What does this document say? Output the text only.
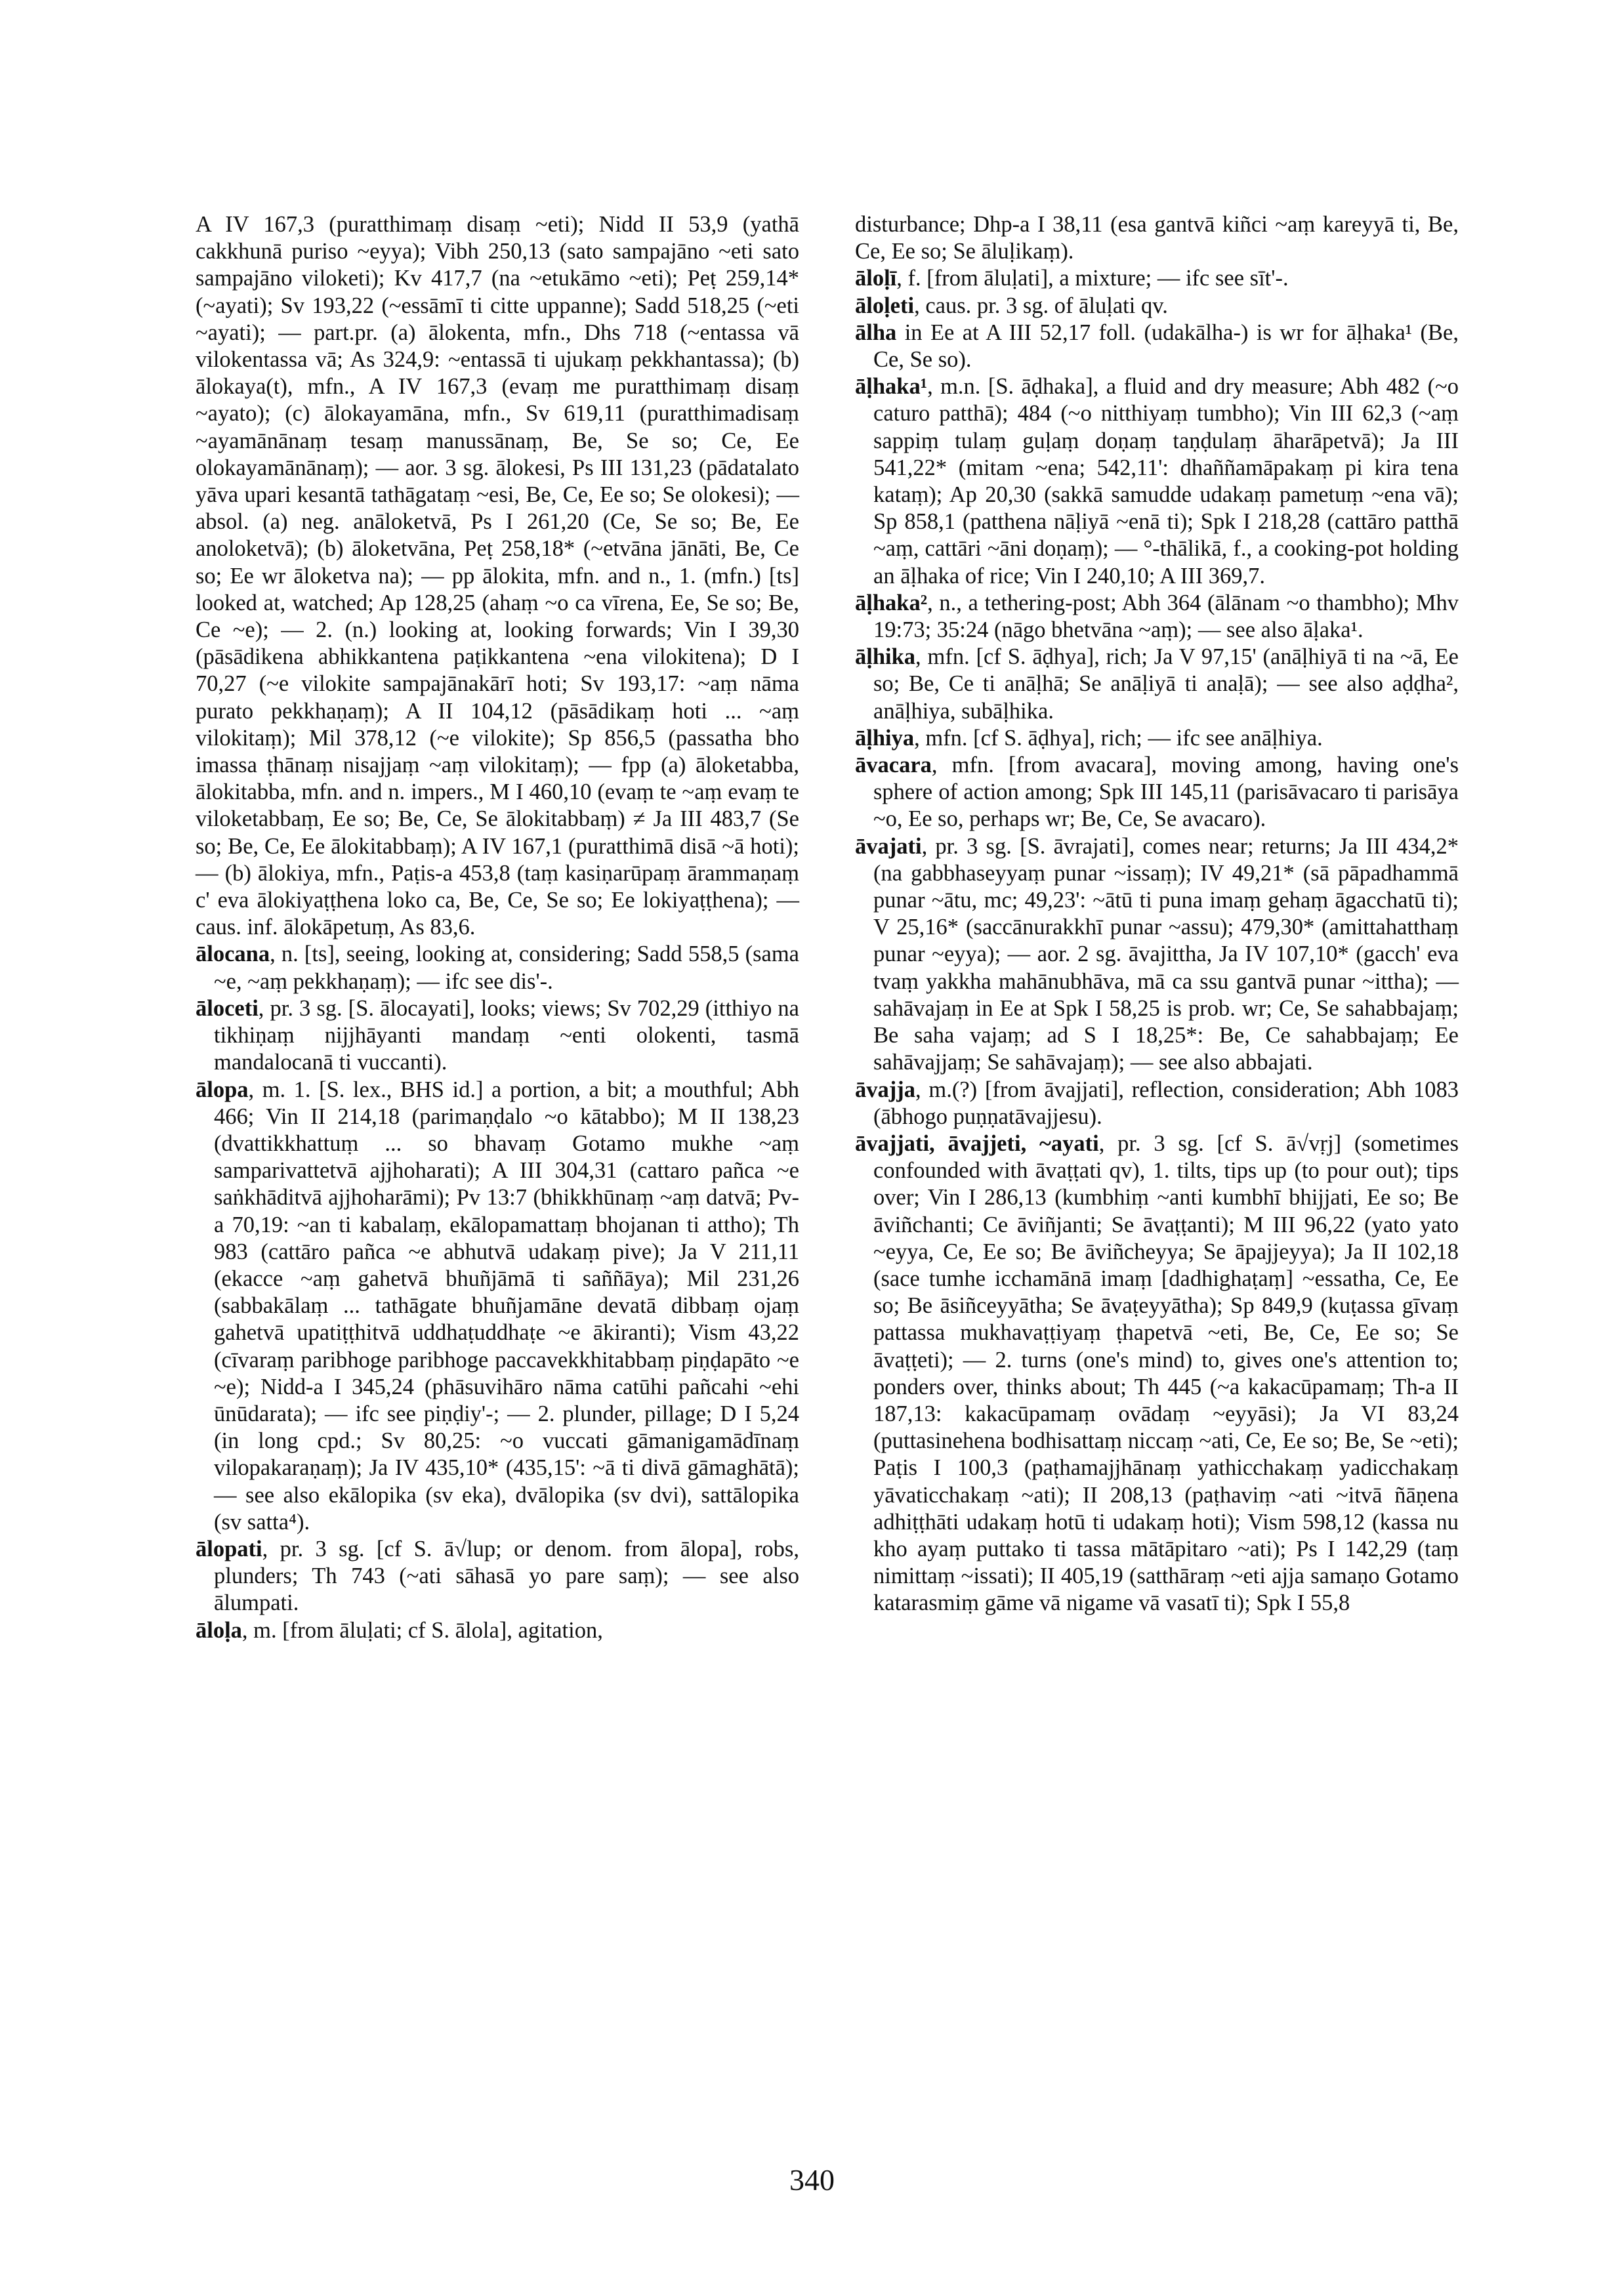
A IV 167,3 (puratthimaṃ disaṃ ~eti); Nidd II 53,9 (yathā cakkhunā puriso ~eyya); Vibh 250,13 (sato sampajāno ~eti sato sampajāno viloketi); Kv 417,7 (na ~etukāmo ~eti); Peṭ 259,14* (~ayati); Sv 193,22 (~essāmī ti citte uppanne); Sadd 518,25 (~eti ~ayati); — part.pr. (a) ālokenta, mfn., Dhs 718 (~entassa vā vilokentassa vā; As 324,9: ~entassā ti ujukaṃ pekkhantassa); (b) ālokaya(t), mfn., A IV 167,3 (evaṃ me puratthimaṃ disaṃ ~ayato); (c) ālokayamāna, mfn., Sv 619,11 (puratthimadisaṃ ~ayamānānaṃ tesaṃ manussānaṃ, Be, Se so; Ce, Ee olokayamānānaṃ); — aor. 3 sg. ālokesi, Ps III 131,23 (pādatalato yāva upari kesantā tathāgataṃ ~esi, Be, Ce, Ee so; Se olokesi); — absol. (a) neg. anāloketvā, Ps I 261,20 (Ce, Se so; Be, Ee anoloketvā); (b) āloketvāna, Peṭ 258,18* (~etvāna jānāti, Be, Ce so; Ee wr āloketva na); — pp ālokita, mfn. and n., 1. (mfn.) [ts] looked at, watched; Ap 128,25 (ahaṃ ~o ca vīrena, Ee, Se so; Be, Ce ~e); — 2. (n.) looking at, looking forwards; Vin I 39,30 (pāsādikena abhikkantena paṭikkantena ~ena vilokitena); D I 70,27 (~e vilokite sampajānakārī hoti; Sv 193,17: ~aṃ nāma purato pekkhaṇaṃ); A II 104,12 (pāsādikaṃ hoti ... ~aṃ vilokitaṃ); Mil 378,12 (~e vilokite); Sp 856,5 (passatha bho imassa ṭhānaṃ nisajjaṃ ~aṃ vilokitaṃ); — fpp (a) āloketabba, ālokitabba, mfn. and n. impers., M I 460,10 (evaṃ te ~aṃ evaṃ te viloketabbaṃ, Ee so; Be, Ce, Se ālokitabbaṃ) ≠ Ja III 483,7 (Se so; Be, Ce, Ee ālokitabbaṃ); A IV 167,1 (puratthimā disā ~ā hoti); — (b) ālokiya, mfn., Paṭis-a 453,8 (taṃ kasiṇarūpaṃ ārammaṇaṃ c' eva ālokiyaṭṭhena loko ca, Be, Ce, Se so; Ee lokiyaṭṭhena); — caus. inf. ālokāpetuṃ, As 83,6.

ālocana, n. [ts], seeing, looking at, considering; Sadd 558,5 (sama ~e, ~aṃ pekkhaṇaṃ); — ifc see dis'-.

āloceti, pr. 3 sg. [S. ālocayati], looks; views; Sv 702,29 (itthiyo na tikhiṇaṃ nijjhāyanti mandaṃ ~enti olokenti, tasmā mandalocanā ti vuccanti).

ālopa, m. 1. [S. lex., BHS id.] a portion, a bit; a mouthful; Abh 466; Vin II 214,18 (parimaṇḍalo ~o kātabbo); M II 138,23 (dvattikkhattuṃ ... so bhavaṃ Gotamo mukhe ~aṃ samparivattetvā ajjhoharati); A III 304,31 (cattaro pañca ~e saṅkhāditvā ajjhoharāmi); Pv 13:7 (bhikkhūnaṃ ~aṃ datvā; Pv-a 70,19: ~an ti kabalaṃ, ekālopamattaṃ bhojanan ti attho); Th 983 (cattāro pañca ~e abhutvā udakaṃ pive); Ja V 211,11 (ekacce ~aṃ gahetvā bhuñjāmā ti saññāya); Mil 231,26 (sabbakālaṃ ... tathāgate bhuñjamāne devatā dibbaṃ ojaṃ gahetvā upatiṭṭhitvā uddhaṭuddhaṭe ~e ākiranti); Vism 43,22 (cīvaraṃ paribhoge paribhoge paccavekkhitabbaṃ piṇḍapāto ~e ~e); Nidd-a I 345,24 (phāsuvihāro nāma catūhi pañcahi ~ehi ūnūdarata); — ifc see piṇḍiy'-; — 2. plunder, pillage; D I 5,24 (in long cpd.; Sv 80,25: ~o vuccati gāmanigamādīnaṃ vilopakaraṇaṃ); Ja IV 435,10* (435,15': ~ā ti divā gāmaghātā); — see also ekālopika (sv eka), dvālopika (sv dvi), sattālopika (sv satta⁴).

ālopati, pr. 3 sg. [cf S. ā√lup; or denom. from ālopa], robs, plunders; Th 743 (~ati sāhasā yo pare saṃ); — see also ālumpati.

āloḷa, m. [from āluḷati; cf S. ālola], agitation,

disturbance; Dhp-a I 38,11 (esa gantvā kiñci ~aṃ kareyyā ti, Be, Ce, Ee so; Se āluḷikaṃ).

āloḷī, f. [from āluḷati], a mixture; — ifc see sīt'-.

āloḷeti, caus. pr. 3 sg. of āluḷati qv.

ālha in Ee at A III 52,17 foll. (udakālha-) is wr for āḷhaka¹ (Be, Ce, Se so).

āḷhaka¹, m.n. [S. āḍhaka], a fluid and dry measure; Abh 482 (~o caturo patthā); 484 (~o nitthiyaṃ tumbho); Vin III 62,3 (~aṃ sappiṃ tulaṃ guḷaṃ doṇaṃ taṇḍulaṃ āharāpetvā); Ja III 541,22* (mitam ~ena; 542,11': dhaññamāpakaṃ pi kira tena kataṃ); Ap 20,30 (sakkā samudde udakaṃ pametuṃ ~ena vā); Sp 858,1 (patthena nāḷiyā ~enā ti); Spk I 218,28 (cattāro patthā ~aṃ, cattāri ~āni doṇaṃ); — °-thālikā, f., a cooking-pot holding an āḷhaka of rice; Vin I 240,10; A III 369,7.

āḷhaka², n., a tethering-post; Abh 364 (ālānam ~o thambho); Mhv 19:73; 35:24 (nāgo bhetvāna ~aṃ); — see also āḷaka¹.

āḷhika, mfn. [cf S. āḍhya], rich; Ja V 97,15' (anāḷhiyā ti na ~ā, Ee so; Be, Ce ti anāḷhā; Se anāḷiyā ti anaḷā); — see also aḍḍha², anāḷhiya, subāḷhika.

āḷhiya, mfn. [cf S. āḍhya], rich; — ifc see anāḷhiya.

āvacara, mfn. [from avacara], moving among, having one's sphere of action among; Spk III 145,11 (parisāvacaro ti parisāya ~o, Ee so, perhaps wr; Be, Ce, Se avacaro).

āvajati, pr. 3 sg. [S. āvrajati], comes near; returns; Ja III 434,2* (na gabbhaseyyaṃ punar ~issaṃ); IV 49,21* (sā pāpadhammā punar ~ātu, mc; 49,23': ~ātū ti puna imaṃ gehaṃ āgacchatū ti); V 25,16* (saccānurakkhī punar ~assu); 479,30* (amittahatthaṃ punar ~eyya); — aor. 2 sg. āvajittha, Ja IV 107,10* (gacch' eva tvaṃ yakkha mahānubhāva, mā ca ssu gantvā punar ~ittha); — sahāvajaṃ in Ee at Spk I 58,25 is prob. wr; Ce, Se sahabbajaṃ; Be saha vajaṃ; ad S I 18,25*: Be, Ce sahabbajaṃ; Ee sahāvajjaṃ; Se sahāvajaṃ); — see also abbajati.

āvajja, m.(?) [from āvajjati], reflection, consideration; Abh 1083 (ābhogo puṇṇatāvajjesu).

āvajjati, āvajjeti, ~ayati, pr. 3 sg. [cf S. ā√vṛj] (sometimes confounded with āvaṭṭati qv), 1. tilts, tips up (to pour out); tips over; Vin I 286,13 (kumbhiṃ ~anti kumbhī bhijjati, Ee so; Be āviñchanti; Ce āviñjanti; Se āvaṭṭanti); M III 96,22 (yato yato ~eyya, Ce, Ee so; Be āviñcheyya; Se āpajjeyya); Ja II 102,18 (sace tumhe icchamānā imaṃ [dadhighaṭaṃ] ~essatha, Ce, Ee so; Be āsiñceyyātha; Se āvaṭeyyātha); Sp 849,9 (kuṭassa gīvaṃ pattassa mukhavaṭṭiyaṃ ṭhapetvā ~eti, Be, Ce, Ee so; Se āvaṭṭeti); — 2. turns (one's mind) to, gives one's attention to; ponders over, thinks about; Th 445 (~a kakacūpamaṃ; Th-a II 187,13: kakacūpamaṃ ovādaṃ ~eyyāsi); Ja VI 83,24 (puttasinehena bodhisattaṃ niccaṃ ~ati, Ce, Ee so; Be, Se ~eti); Paṭis I 100,3 (paṭhamajjhānaṃ yathicchakaṃ yadicchakaṃ yāvaticchakaṃ ~ati); II 208,13 (paṭhaviṃ ~ati ~itvā ñāṇena adhiṭṭhāti udakaṃ hotū ti udakaṃ hoti); Vism 598,12 (kassa nu kho ayaṃ puttako ti tassa mātāpitaro ~ati); Ps I 142,29 (taṃ nimittaṃ ~issati); II 405,19 (satthāraṃ ~eti ajja samaṇo Gotamo katarasmiṃ gāme vā nigame vā vasatī ti); Spk I 55,8

340
